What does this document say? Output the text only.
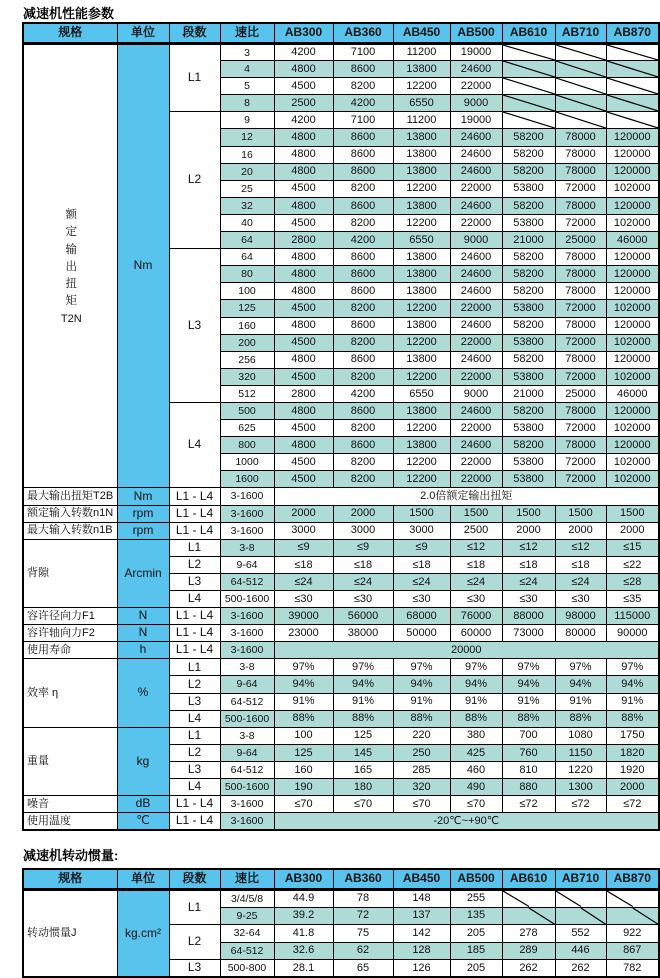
减速机性能参数
规格	单位	段数	速比	AB300	AB360	AB450	AB500	AB610	AB710	AB870

额定输出扭矩
T2N	Nm	L1	3	4200	7100	11200	19000	

			4	4800	8600	13800	24600	

			5	4500	8200	12200	22000	

			8	2500	4200	6550	9000	

		L2	9	4200	7100	11200	19000	

			12	4800	8600	13800	24600	58200	78000	120000
			16	4800	8600	13800	24600	58200	78000	120000
			20	4800	8600	13800	24600	58200	78000	120000
			25	4500	8200	12200	22000	53800	72000	102000
			32	4800	8600	13800	24600	58200	78000	120000
			40	4500	8200	12200	22000	53800	72000	102000
			64	2800	4200	6550	9000	21000	25000	46000
		L3	64	4800	8600	13800	24600	58200	78000	120000
			80	4800	8600	13800	24600	58200	78000	120000
			100	4800	8600	13800	24600	58200	78000	120000
			125	4500	8200	12200	22000	53800	72000	102000
			160	4800	8600	13800	24600	58200	78000	120000
			200	4500	8200	12200	22000	53800	72000	102000
			256	4800	8600	13800	24600	58200	78000	120000
			320	4500	8200	12200	22000	53800	72000	102000
			512	2800	4200	6550	9000	21000	25000	46000
		L4	500	4800	8600	13800	24600	58200	78000	120000
			625	4500	8200	12200	22000	53800	72000	102000
			800	4800	8600	13800	24600	58200	78000	120000
			1000	4500	8200	12200	22000	53800	72000	102000
			1600	4500	8200	12200	22000	53800	72000	102000
最大输出扭矩T2B	Nm	L1 - L4	3-1600	2.0倍额定输出扭矩						
额定输入转数n1N	rpm	L1 - L4	3-1600	2000	2000	1500	1500	1500	1500	1500
最大输入转数n1B	rpm	L1 - L4	3-1600	3000	3000	3000	2500	2000	2000	2000
背隙	Arcmin	L1	3-8	≤9	≤9	≤9	≤12	≤12	≤12	≤15
		L2	9-64	≤18	≤18	≤18	≤18	≤18	≤18	≤22
		L3	64-512	≤24	≤24	≤24	≤24	≤24	≤24	≤28
		L4	500-1600	≤30	≤30	≤30	≤30	≤30	≤30	≤35
容许径向力F1	N	L1 - L4	3-1600	39000	56000	68000	76000	88000	98000	115000
容许轴向力F2	N	L1 - L4	3-1600	23000	38000	50000	60000	73000	80000	90000
使用寿命	h	L1 - L4	3-1600	20000						
效率 η	%	L1	3-8	97%	97%	97%	97%	97%	97%	97%
		L2	9-64	94%	94%	94%	94%	94%	94%	94%
		L3	64-512	91%	91%	91%	91%	91%	91%	91%
		L4	500-1600	88%	88%	88%	88%	88%	88%	88%
重量	kg	L1	3-8	100	125	220	380	700	1080	1750
		L2	9-64	125	145	250	425	760	1150	1820
		L3	64-512	160	165	285	460	810	1220	1920
		L4	500-1600	190	180	320	490	880	1300	2000
噪音	dB	L1 - L4	3-1600	≤70	≤70	≤70	≤70	≤72	≤72	≤72
使用温度	℃	L1 - L4	3-1600	-20℃~+90℃						
减速机转动惯量:
规格	单位	段数	速比	AB300	AB360	AB450	AB500	AB610	AB710	AB870
转动惯量J	kg.cm²	L1	3/4/5/8	44.9	78	148	255	

			9-25	39.2	72	137	135	

		L2	32-64	41.8	75	142	205	278	552	922
			64-512	32.6	62	128	185	289	446	867
		L3	500-800	28.1	65	126	205	262	262	782
